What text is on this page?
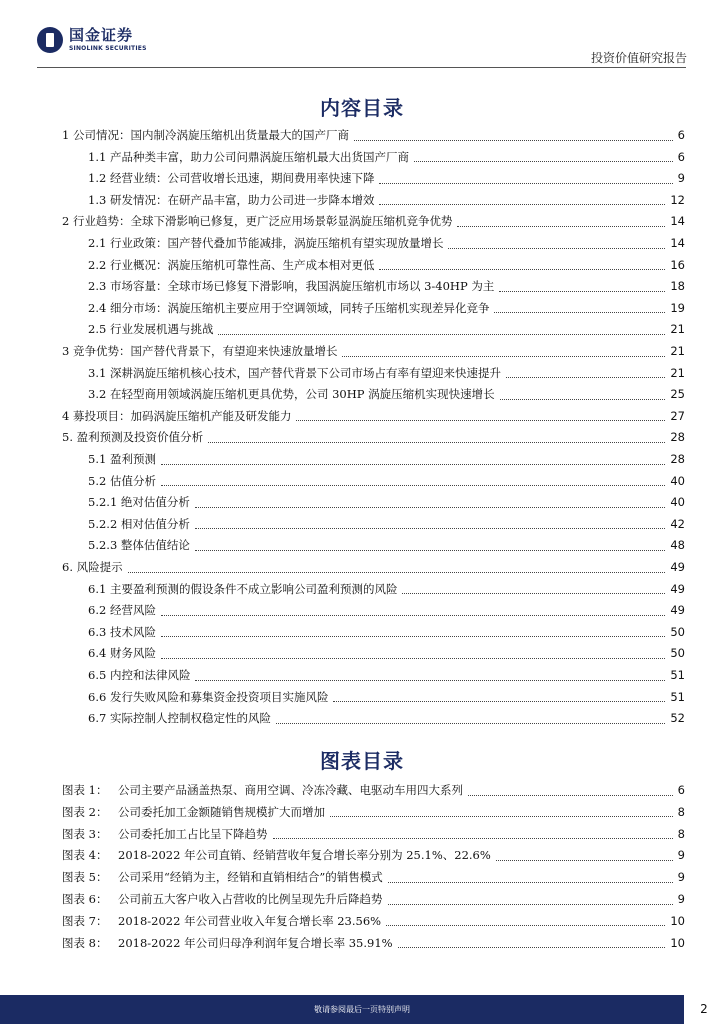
国金证券
SINOLINK SECURITIES
投资价值研究报告
内容目录
图表目录
敬请参阅最后一页特别声明	2
1 公司情况：国内制冷涡旋压缩机出货量最大的国产厂商	6
1.1 产品种类丰富，助力公司问鼎涡旋压缩机最大出货国产厂商	6
1.2 经营业绩：公司营收增长迅速，期间费用率快速下降	9
1.3 研发情况：在研产品丰富，助力公司进一步降本增效	12
2 行业趋势：全球下滑影响已修复，更广泛应用场景彰显涡旋压缩机竞争优势	14
2.1 行业政策：国产替代叠加节能减排，涡旋压缩机有望实现放量增长	14
2.2 行业概况：涡旋压缩机可靠性高、生产成本相对更低	16
2.3 市场容量：全球市场已修复下滑影响，我国涡旋压缩机市场以 3-40HP 为主	18
2.4 细分市场：涡旋压缩机主要应用于空调领域，同转子压缩机实现差异化竞争	19
2.5 行业发展机遇与挑战	21
3 竞争优势：国产替代背景下，有望迎来快速放量增长	21
3.1 深耕涡旋压缩机核心技术，国产替代背景下公司市场占有率有望迎来快速提升	21
3.2 在轻型商用领域涡旋压缩机更具优势，公司 30HP 涡旋压缩机实现快速增长	25
4 募投项目：加码涡旋压缩机产能及研发能力	27
5. 盈利预测及投资价值分析	28
5.1 盈利预测	28
5.2 估值分析	40
5.2.1 绝对估值分析	40
5.2.2 相对估值分析	42
5.2.3 整体估值结论	48
6. 风险提示	49
6.1 主要盈利预测的假设条件不成立影响公司盈利预测的风险	49
6.2 经营风险	49
6.3 技术风险	50
6.4 财务风险	50
6.5 内控和法律风险	51
6.6 发行失败风险和募集资金投资项目实施风险	51
6.7 实际控制人控制权稳定性的风险	52
图表 1： 公司主要产品涵盖热泵、商用空调、冷冻冷藏、电驱动车用四大系列	6
图表 2： 公司委托加工金额随销售规模扩大而增加	8
图表 3： 公司委托加工占比呈下降趋势	8
图表 4： 2018-2022 年公司直销、经销营收年复合增长率分别为 25.1%、22.6%	9
图表 5： 公司采用“经销为主，经销和直销相结合”的销售模式	9
图表 6： 公司前五大客户收入占营收的比例呈现先升后降趋势	9
图表 7： 2018-2022 年公司营业收入年复合增长率 23.56%	10
图表 8： 2018-2022 年公司归母净利润年复合增长率 35.91%	10
